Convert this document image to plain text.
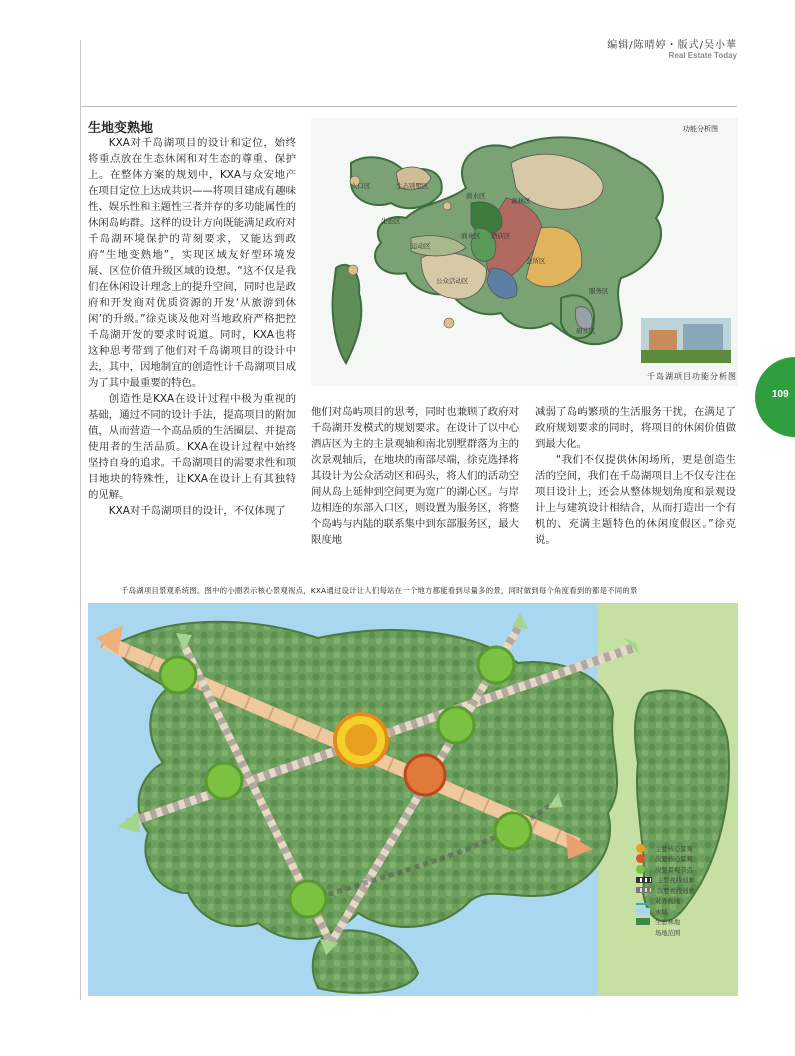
编辑/陈晴婷・版式/吴小華
Real Estate Today
生地变熟地

KXA对千岛湖项目的设计和定位，始终将重点放在生态休闲和对生态的尊重、保护上。在整体方案的规划中，KXA与众安地产在项目定位上达成共识——将项目建成有趣味性、娱乐性和主题性三者并存的多功能属性的休闲岛屿群。这样的设计方向既能满足政府对千岛湖环境保护的苛刻要求，又能达到政府“生地变熟地”，实现区域友好型环境发展、区位价值升级区域的设想。“这不仅是我们在休闲设计理念上的提升空间，同时也是政府和开发商对优质资源的开发‘从旅游到休闲’的升级。”徐克谈及他对当地政府严格把控千岛湖开发的要求时说道。同时，KXA也将这种思考带到了他们对千岛湖项目的设计中去，其中，因地制宜的创造性计千岛湖项目成为了其中最重要的特色。

创造性是KXA在设计过程中极为重视的基础，通过不同的设计手法，提高项目的附加值，从而营造一个高品质的生活圈层、并提高使用者的生活品质。KXA在设计过程中始终坚持自身的追求。千岛湖项目的需要求性和项目地块的特殊性，让KXA在设计上有其独特的见解。

KXA对千岛湖项目的设计，不仅体现了

森林区
生态别墅区
滨水区
会所区
酒店区
商业区
运动区
公众活动区
生态区
服务区
码头区
入口区
功能分析图
千岛湖项目功能分析图
109

他们对岛屿项目的思考，同时也兼顾了政府对千岛湖开发模式的规划要求。在设计了以中心酒店区为主的主景观轴和南北别墅群落为主的次景观轴后，在地块的南部尽端，徐克选择将其设计为公众活动区和码头，将人们的活动空间从岛上延伸到空间更为宽广的湖心区。与岸边相连的东部入口区，则设置为服务区，将整个岛屿与内陆的联系集中到东部服务区，最大限度地

减弱了岛屿繁琐的生活服务干扰，在满足了政府规划要求的同时，将项目的休闲价值做到最大化。

“我们不仅提供休闲场所，更是创造生活的空间，我们在千岛湖项目上不仅专注在项目设计上，还会从整体规划角度和景观设计上与建筑设计相结合，从而打造出一个有机的、充满主题特色的休闲度假区。”徐克说。

千岛湖项目景观系统图。图中的小圈表示核心景观视点，KXA通过设计让人们每站在一个地方都能看到尽量多的景，同时做到每个角度看到的都是不同的景
主要核心景观
次要核心景观
次要景观节点
主要视线通廊
次要视线通廊
对外视线
水域
生态林地
场地范围
